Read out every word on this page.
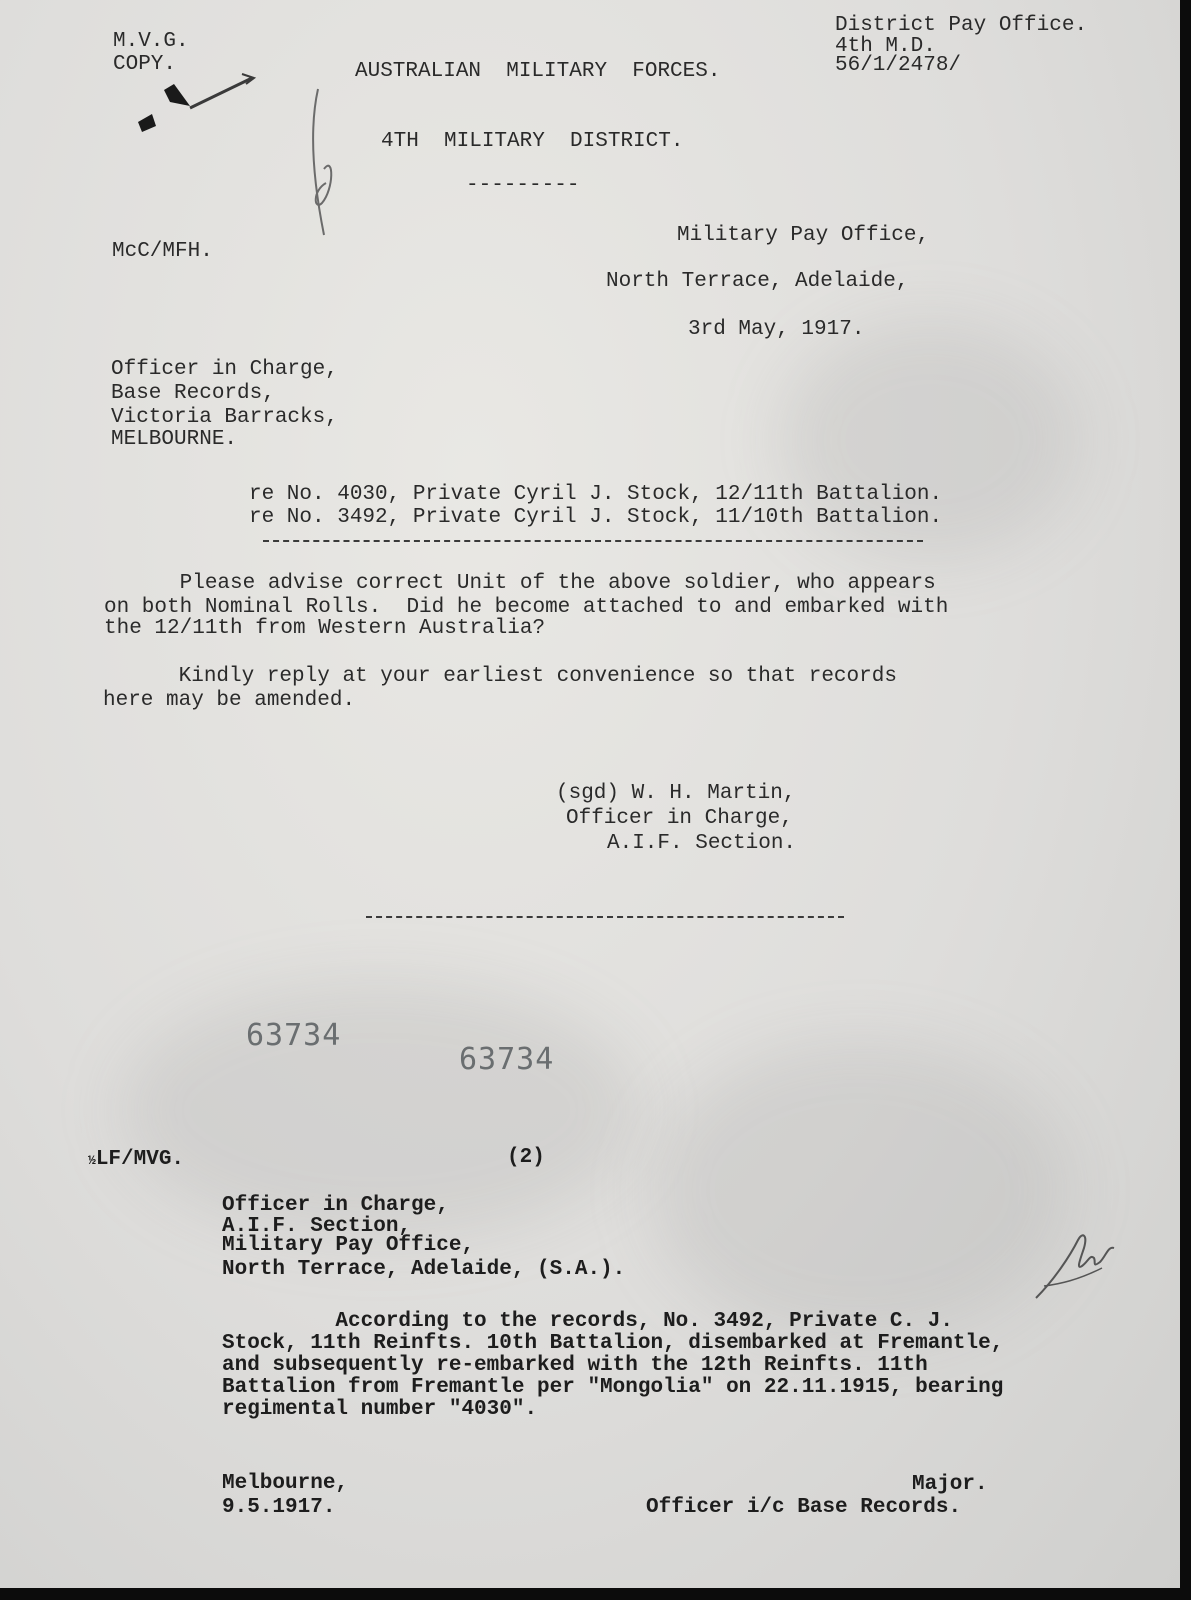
M.V.G.
COPY.
District Pay Office.
4th M.D.
56/1/2478/
AUSTRALIAN  MILITARY  FORCES.
4TH  MILITARY  DISTRICT.
---------
McC/MFH.
Military Pay Office,
North Terrace, Adelaide,
3rd May, 1917.
Officer in Charge,
Base Records,
Victoria Barracks,
MELBOURNE.
re No. 4030, Private Cyril J. Stock, 12/11th Battalion.
re No. 3492, Private Cyril J. Stock, 11/10th Battalion.
Please advise correct Unit of the above soldier, who appears
on both Nominal Rolls.  Did he become attached to and embarked with
the 12/11th from Western Australia?
Kindly reply at your earliest convenience so that records
here may be amended.
(sgd) W. H. Martin,
Officer in Charge,
A.I.F. Section.
63734
63734
½LF/MVG.	(2)
Officer in Charge,
A.I.F. Section,
Military Pay Office,
North Terrace, Adelaide, (S.A.).
According to the records, No. 3492, Private C. J.
Stock, 11th Reinfts. 10th Battalion, disembarked at Fremantle,
and subsequently re-embarked with the 12th Reinfts. 11th
Battalion from Fremantle per "Mongolia" on 22.11.1915, bearing
regimental number "4030".
Melbourne,
9.5.1917.
Major.
Officer i/c Base Records.
